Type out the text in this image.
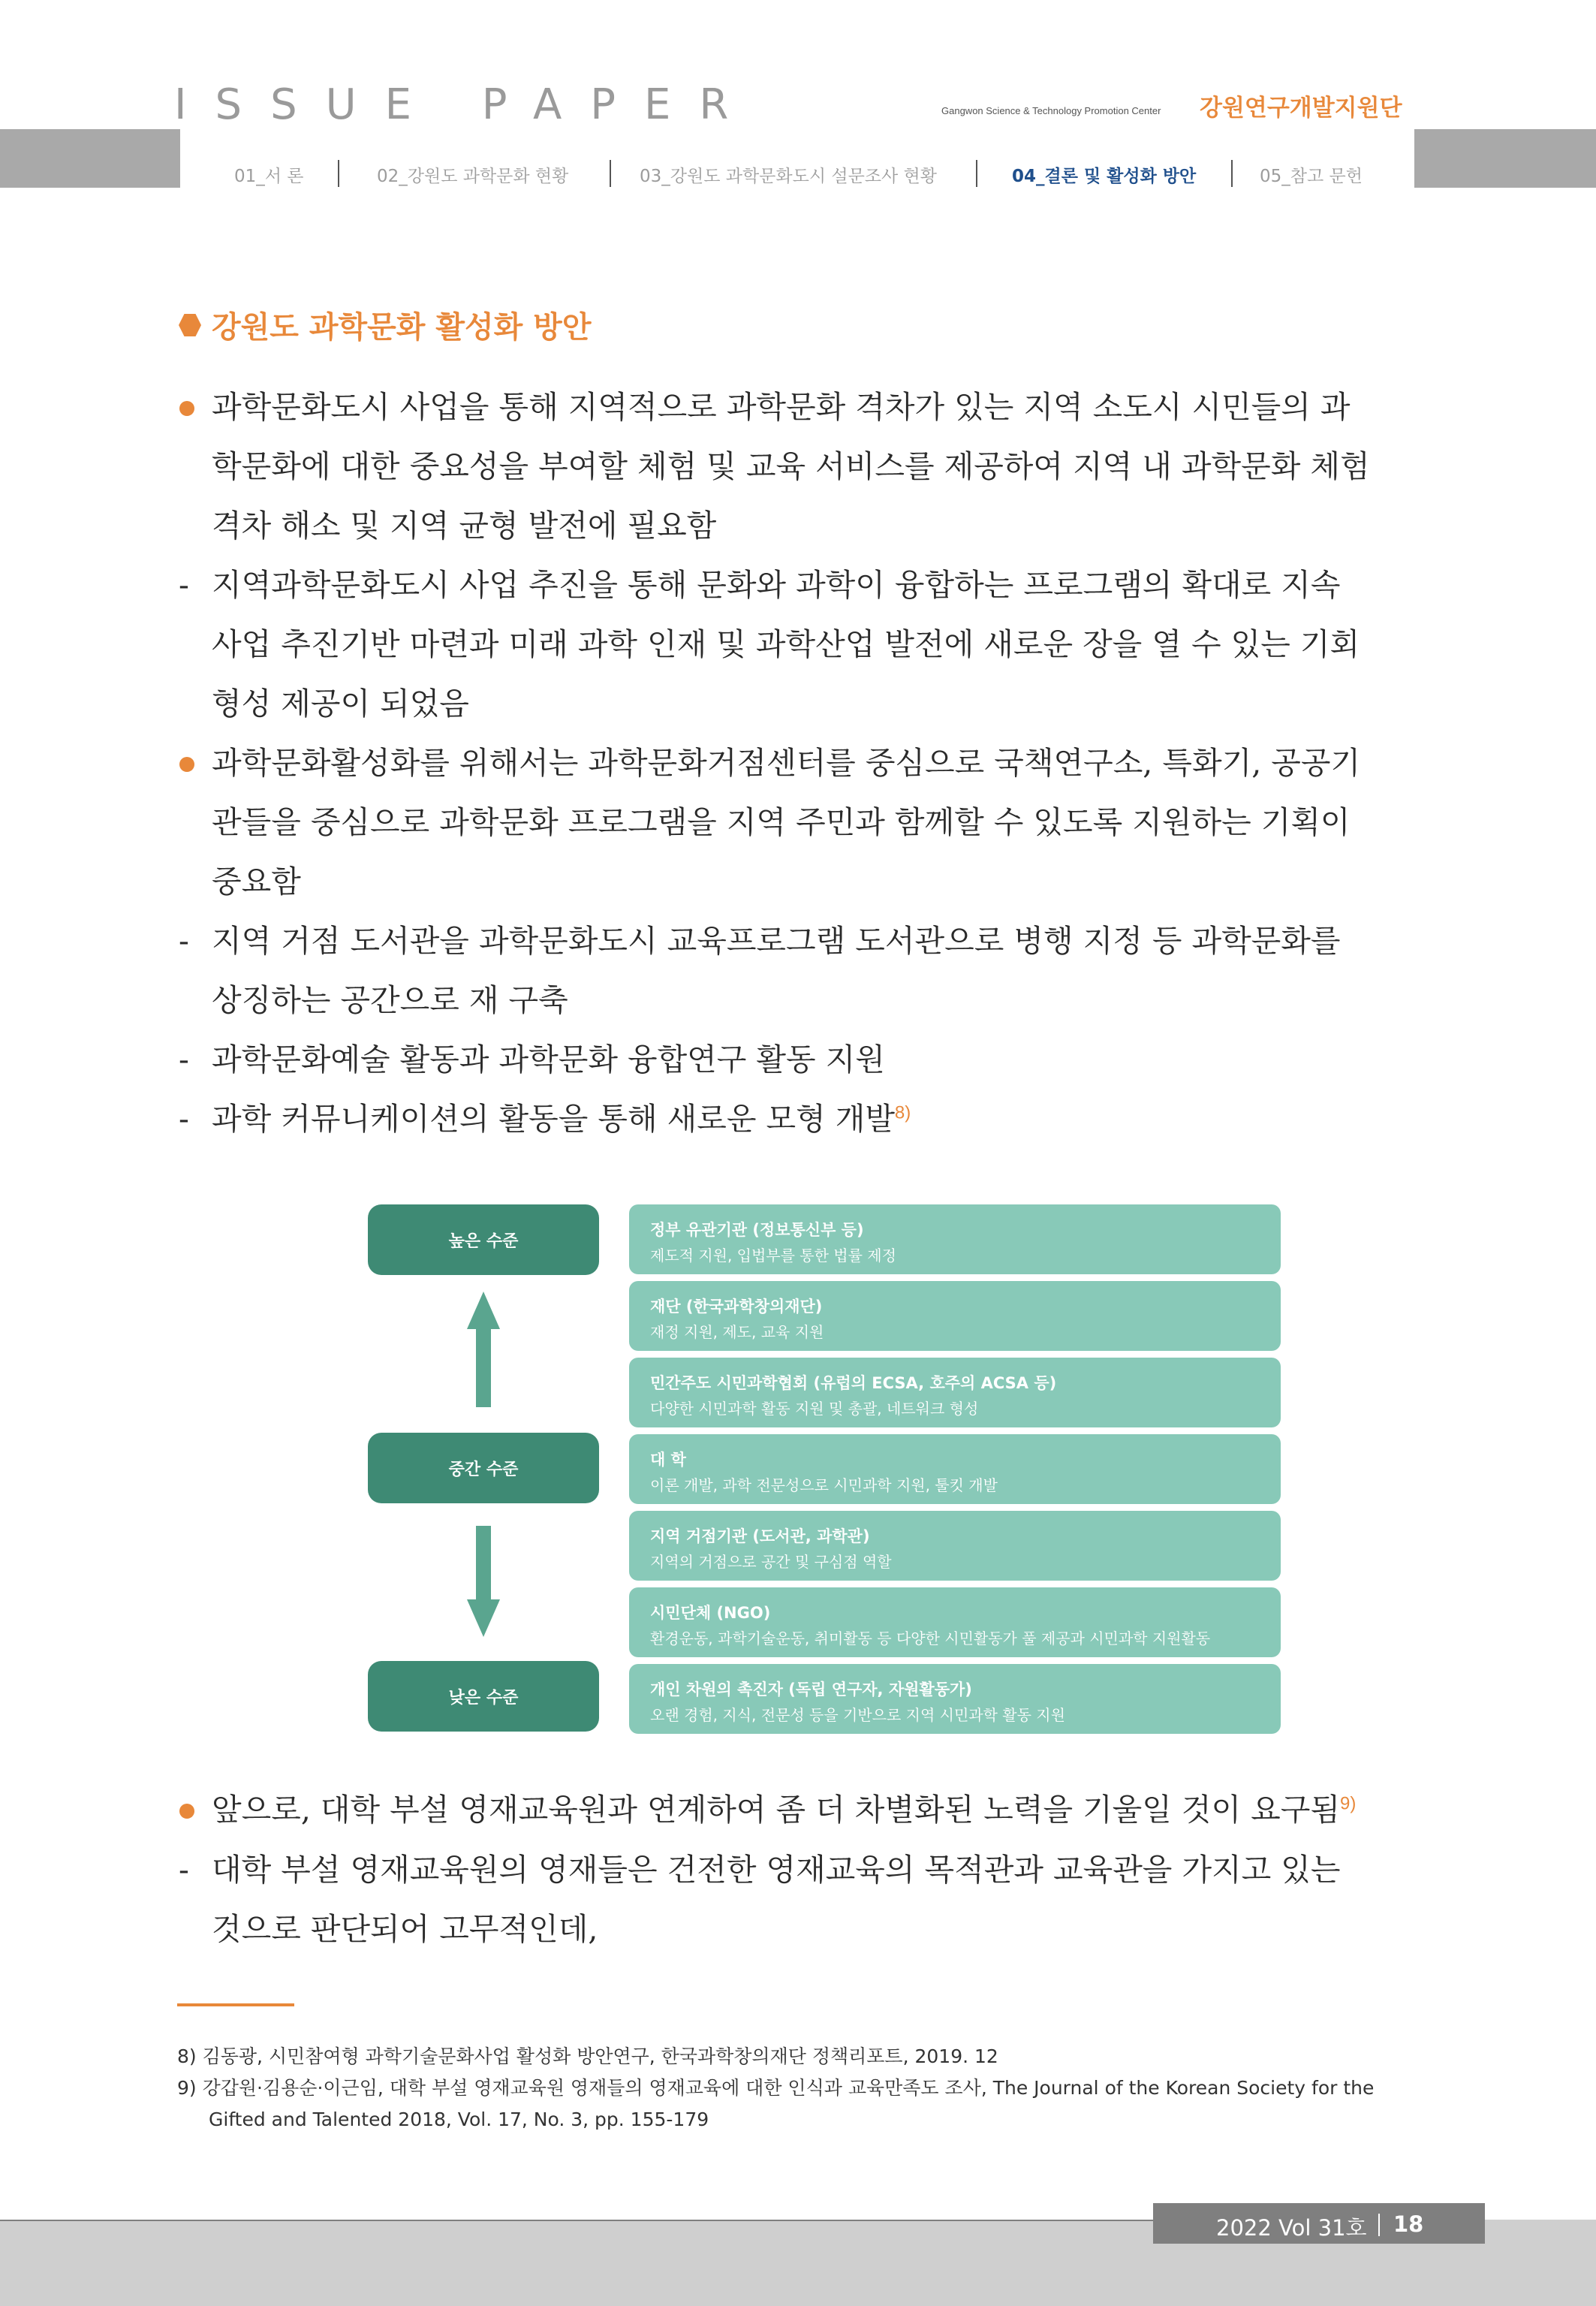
ISSUE PAPER	Gangwon Science & Technology Promotion Center 강원연구개발지원단
01_서 론	02_강원도 과학문화 현황	03_강원도 과학문화도시 설문조사 현황	04_결론 및 활성화 방안	05_참고 문헌
강원도 과학문화 활성화 방안
과학문화도시 사업을 통해 지역적으로 과학문화 격차가 있는 지역 소도시 시민들의 과
학문화에 대한 중요성을 부여할 체험 및 교육 서비스를 제공하여 지역 내 과학문화 체험
격차 해소 및 지역 균형 발전에 필요함
- 지역과학문화도시 사업 추진을 통해 문화와 과학이 융합하는 프로그램의 확대로 지속
사업 추진기반 마련과 미래 과학 인재 및 과학산업 발전에 새로운 장을 열 수 있는 기회
형성 제공이 되었음
과학문화활성화를 위해서는 과학문화거점센터를 중심으로 국책연구소, 특화기, 공공기
관들을 중심으로 과학문화 프로그램을 지역 주민과 함께할 수 있도록 지원하는 기획이
중요함
- 지역 거점 도서관을 과학문화도시 교육프로그램 도서관으로 병행 지정 등 과학문화를
상징하는 공간으로 재 구축
- 과학문화예술 활동과 과학문화 융합연구 활동 지원
- 과학 커뮤니케이션의 활동을 통해 새로운 모형 개발$^{8)}$
높은 수준
중간 수준
낮은 수준
정부 유관기관 (정보통신부 등)
제도적 지원, 입법부를 통한 법률 제정
재단 (한국과학창의재단)
재정 지원, 제도, 교육 지원
민간주도 시민과학협회 (유럽의 ECSA, 호주의 ACSA 등)
다양한 시민과학 활동 지원 및 총괄, 네트워크 형성
대 학
이론 개발, 과학 전문성으로 시민과학 지원, 툴킷 개발
지역 거점기관 (도서관, 과학관)
지역의 거점으로 공간 및 구심점 역할
시민단체 (NGO)
환경운동, 과학기술운동, 취미활동 등 다양한 시민활동가 풀 제공과 시민과학 지원활동
개인 차원의 촉진자 (독립 연구자, 자원활동가)
오랜 경험, 지식, 전문성 등을 기반으로 지역 시민과학 활동 지원
앞으로, 대학 부설 영재교육원과 연계하여 좀 더 차별화된 노력을 기울일 것이 요구됨$^{9)}$
- 대학 부설 영재교육원의 영재들은 건전한 영재교육의 목적관과 교육관을 가지고 있는
것으로 판단되어 고무적인데,
8) 김동광, 시민참여형 과학기술문화사업 활성화 방안연구, 한국과학창의재단 정책리포트, 2019. 12
9) 강갑원·김용순·이근임, 대학 부설 영재교육원 영재들의 영재교육에 대한 인식과 교육만족도 조사, The Journal of the Korean Society for the
Gifted and Talented 2018, Vol. 17, No. 3, pp. 155-179
2022 Vol 31호 18
